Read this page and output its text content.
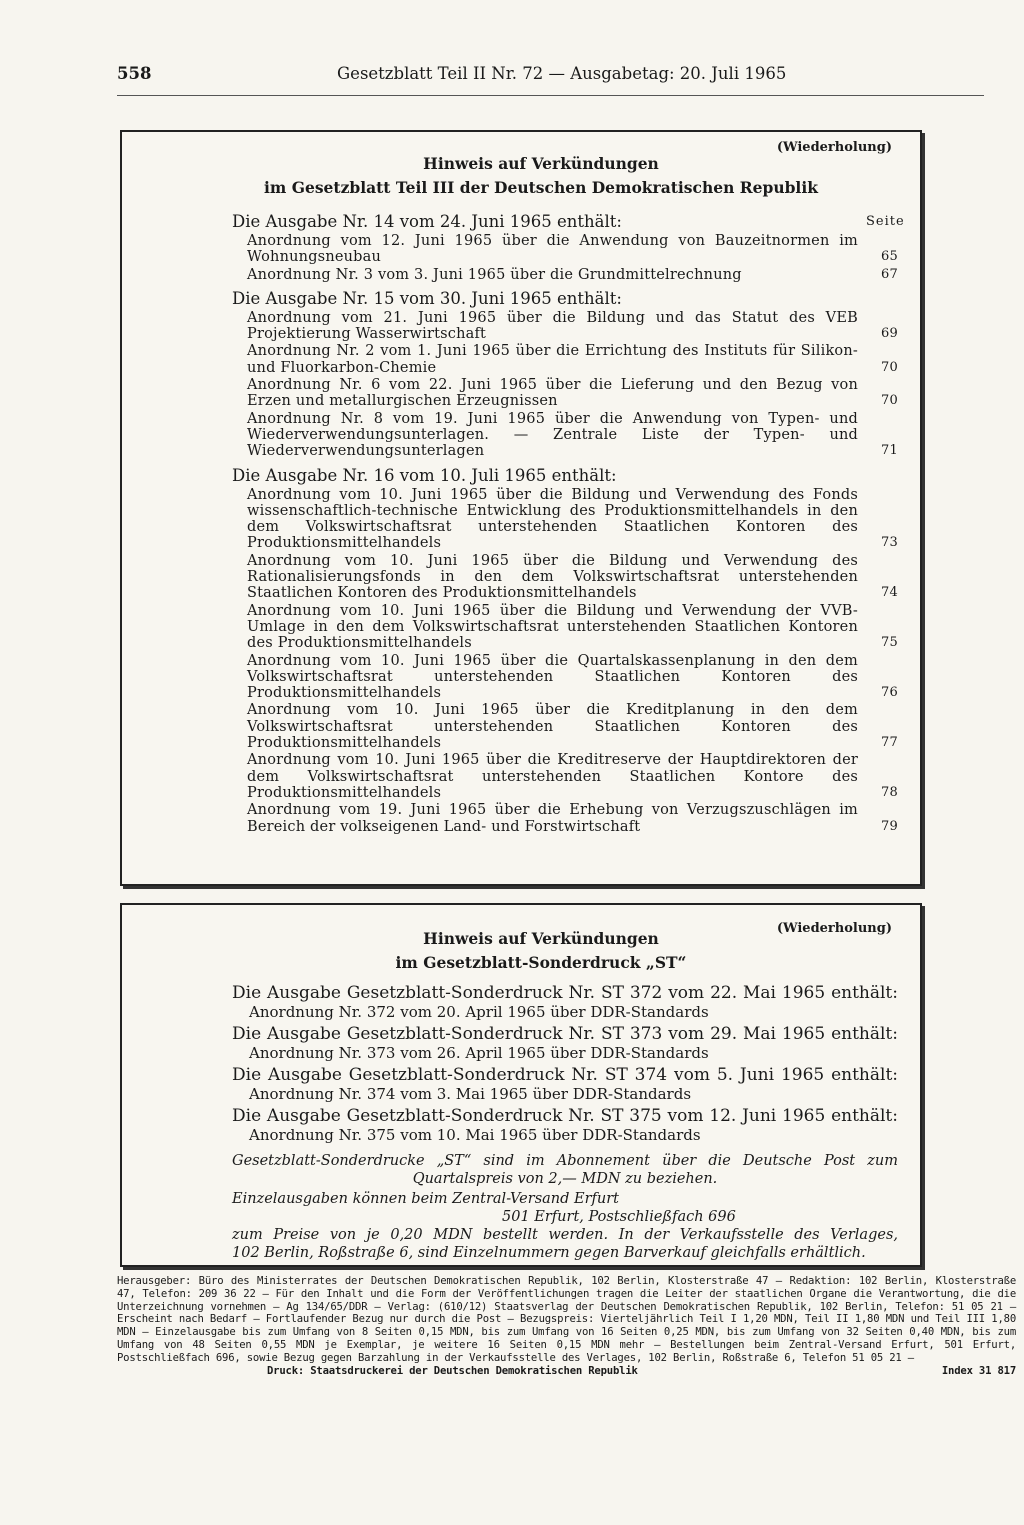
558	Gesetzblatt Teil II Nr. 72 — Ausgabetag: 20. Juli 1965
(Wiederholung)
Hinweis auf Verkündungen
im Gesetzblatt Teil III der Deutschen Demokratischen Republik
Die Ausgabe Nr. 14 vom 24. Juni 1965 enthält:	Seite
Anordnung vom 12. Juni 1965 über die Anwendung von Bauzeitnormen im Wohnungsneubau	65
Anordnung Nr. 3 vom 3. Juni 1965 über die Grundmittelrechnung	67
Die Ausgabe Nr. 15 vom 30. Juni 1965 enthält:
Anordnung vom 21. Juni 1965 über die Bildung und das Statut des VEB Projektierung Wasserwirtschaft	69
Anordnung Nr. 2 vom 1. Juni 1965 über die Errichtung des Instituts für Silikon- und Fluorkarbon-Chemie	70
Anordnung Nr. 6 vom 22. Juni 1965 über die Lieferung und den Bezug von Erzen und metallurgischen Erzeugnissen	70
Anordnung Nr. 8 vom 19. Juni 1965 über die Anwendung von Typen- und Wiederverwendungsunterlagen. — Zentrale Liste der Typen- und Wiederverwendungsunterlagen	71
Die Ausgabe Nr. 16 vom 10. Juli 1965 enthält:
Anordnung vom 10. Juni 1965 über die Bildung und Verwendung des Fonds wissenschaftlich-technische Entwicklung des Produktionsmittelhandels in den dem Volkswirtschaftsrat unterstehenden Staatlichen Kontoren des Produktionsmittelhandels	73
Anordnung vom 10. Juni 1965 über die Bildung und Verwendung des Rationalisierungsfonds in den dem Volkswirtschaftsrat unterstehenden Staatlichen Kontoren des Produktionsmittelhandels	74
Anordnung vom 10. Juni 1965 über die Bildung und Verwendung der VVB-Umlage in den dem Volkswirtschaftsrat unterstehenden Staatlichen Kontoren des Produktionsmittelhandels	75
Anordnung vom 10. Juni 1965 über die Quartalskassenplanung in den dem Volkswirtschaftsrat unterstehenden Staatlichen Kontoren des Produktionsmittelhandels	76
Anordnung vom 10. Juni 1965 über die Kreditplanung in den dem Volkswirtschaftsrat unterstehenden Staatlichen Kontoren des Produktionsmittelhandels	77
Anordnung vom 10. Juni 1965 über die Kreditreserve der Hauptdirektoren der dem Volkswirtschaftsrat unterstehenden Staatlichen Kontore des Produktionsmittelhandels	78
Anordnung vom 19. Juni 1965 über die Erhebung von Verzugszuschlägen im Bereich der volkseigenen Land- und Forstwirtschaft	79
(Wiederholung)
Hinweis auf Verkündungen
im Gesetzblatt-Sonderdruck „ST“
Die Ausgabe Gesetzblatt-Sonderdruck Nr. ST 372 vom 22. Mai 1965 enthält:
Anordnung Nr. 372 vom 20. April 1965 über DDR-Standards
Die Ausgabe Gesetzblatt-Sonderdruck Nr. ST 373 vom 29. Mai 1965 enthält:
Anordnung Nr. 373 vom 26. April 1965 über DDR-Standards
Die Ausgabe Gesetzblatt-Sonderdruck Nr. ST 374 vom 5. Juni 1965 enthält:
Anordnung Nr. 374 vom 3. Mai 1965 über DDR-Standards
Die Ausgabe Gesetzblatt-Sonderdruck Nr. ST 375 vom 12. Juni 1965 enthält:
Anordnung Nr. 375 vom 10. Mai 1965 über DDR-Standards
Gesetzblatt-Sonderdrucke „ST“ sind im Abonnement über die Deutsche Post zum
Quartalspreis von 2,— MDN zu beziehen.
Einzelausgaben können beim Zentral-Versand Erfurt
501 Erfurt, Postschließfach 696
zum Preise von je 0,20 MDN bestellt werden. In der Verkaufsstelle des Verlages,
102 Berlin, Roßstraße 6, sind Einzelnummern gegen Barverkauf gleichfalls erhältlich.
Herausgeber: Büro des Ministerrates der Deutschen Demokratischen Republik, 102 Berlin, Klosterstraße 47 – Redaktion: 102 Berlin, Klosterstraße 47, Telefon: 209 36 22 – Für den Inhalt und die Form der Veröffentlichungen tragen die Leiter der staatlichen Organe die Verantwortung, die die Unterzeichnung vornehmen – Ag 134/65/DDR – Verlag: (610/12) Staatsverlag der Deutschen Demokratischen Republik, 102 Berlin, Telefon: 51 05 21 – Erscheint nach Bedarf – Fortlaufender Bezug nur durch die Post – Bezugspreis: Vierteljährlich Teil I 1,20 MDN, Teil II 1,80 MDN und Teil III 1,80 MDN – Einzelausgabe bis zum Umfang von 8 Seiten 0,15 MDN, bis zum Umfang von 16 Seiten 0,25 MDN, bis zum Umfang von 32 Seiten 0,40 MDN, bis zum Umfang von 48 Seiten 0,55 MDN je Exemplar, je weitere 16 Seiten 0,15 MDN mehr – Bestellungen beim Zentral-Versand Erfurt, 501 Erfurt, Postschließfach 696, sowie Bezug gegen Barzahlung in der Verkaufsstelle des Verlages, 102 Berlin, Roßstraße 6, Telefon 51 05 21 –
Druck: Staatsdruckerei der Deutschen Demokratischen Republik	Index 31 817
